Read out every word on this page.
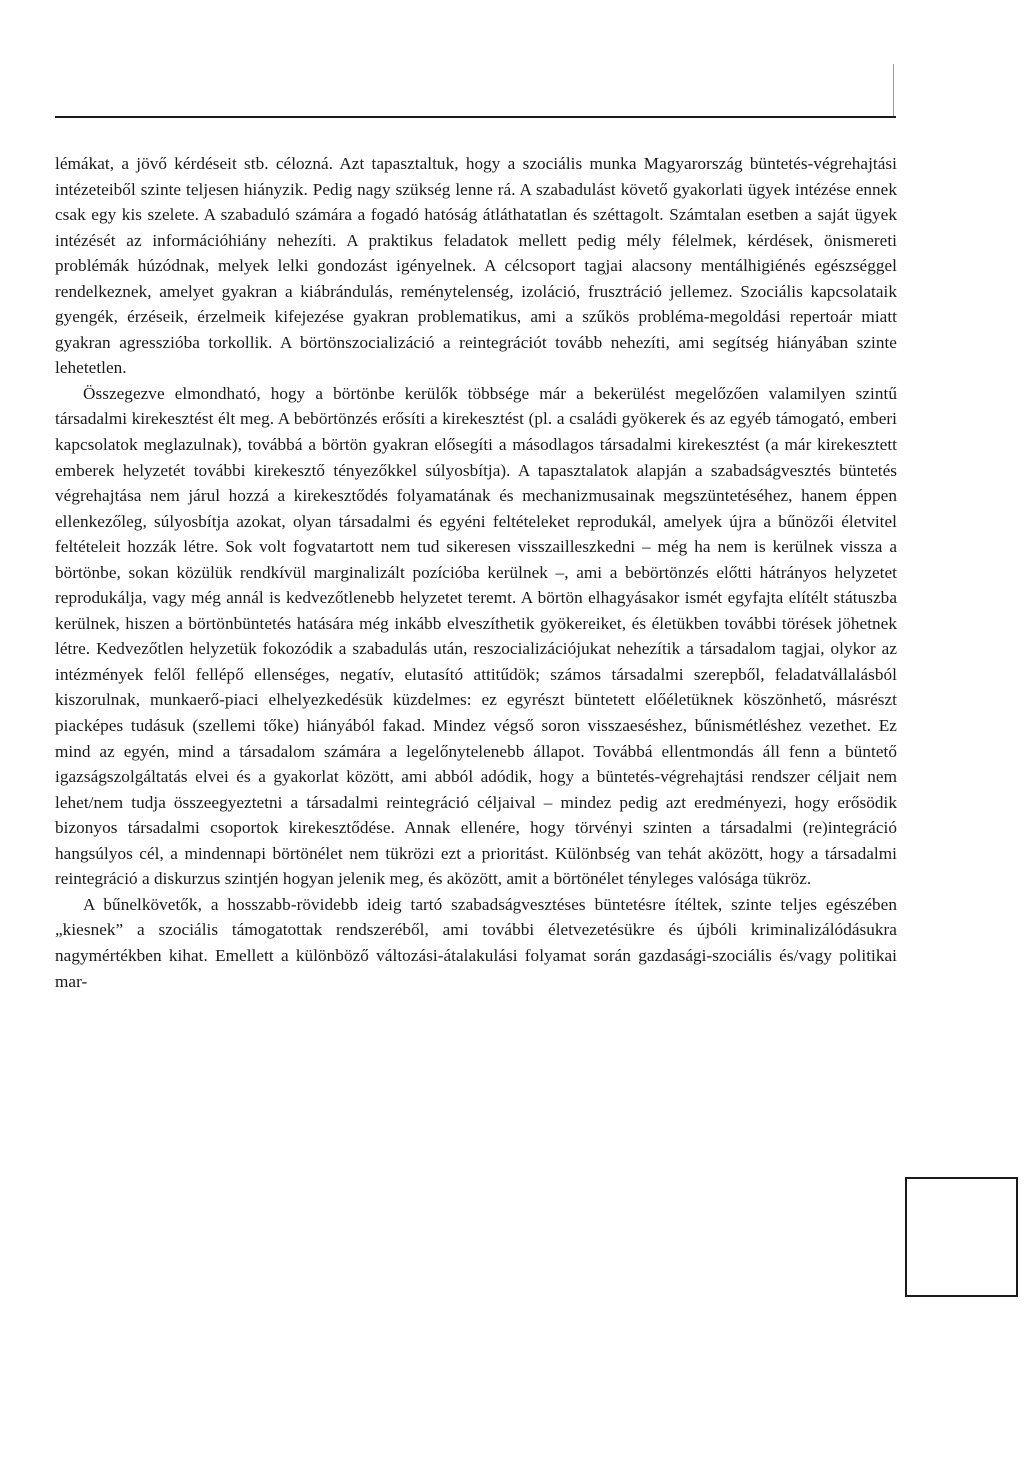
lémákat, a jövő kérdéseit stb. célozná. Azt tapasztaltuk, hogy a szociális munka Magyarország büntetés-végrehajtási intézeteiből szinte teljesen hiányzik. Pedig nagy szükség lenne rá. A szabadulást követő gyakorlati ügyek intézése ennek csak egy kis szelete. A szabaduló számára a fogadó hatóság átláthatatlan és széttagolt. Számtalan esetben a saját ügyek intézését az információhiány nehezíti. A praktikus feladatok mellett pedig mély félelmek, kérdések, önismereti problémák húzódnak, melyek lelki gondozást igényelnek. A célcsoport tagjai alacsony mentálhigiénés egészséggel rendelkeznek, amelyet gyakran a kiábrándulás, reménytelenség, izoláció, frusztráció jellemez. Szociális kapcsolataik gyengék, érzéseik, érzelmeik kifejezése gyakran problematikus, ami a szűkös probléma-megoldási repertoár miatt gyakran agresszióba torkollik. A börtönszocializáció a reintegrációt tovább nehezíti, ami segítség hiányában szinte lehetetlen.

Összegezve elmondható, hogy a börtönbe kerülők többsége már a bekerülést megelőzően valamilyen szintű társadalmi kirekesztést élt meg. A bebörtönzés erősíti a kirekesztést (pl. a családi gyökerek és az egyéb támogató, emberi kapcsolatok meglazulnak), továbbá a börtön gyakran elősegíti a másodlagos társadalmi kirekesztést (a már kirekesztett emberek helyzetét további kirekesztő tényezőkkel súlyosbítja). A tapasztalatok alapján a szabadságvesztés büntetés végrehajtása nem járul hozzá a kirekesztődés folyamatának és mechanizmusainak megszüntetéséhez, hanem éppen ellenkezőleg, súlyosbítja azokat, olyan társadalmi és egyéni feltételeket reprodukál, amelyek újra a bűnözői életvitel feltételeit hozzák létre. Sok volt fogvatartott nem tud sikeresen visszailleszkedni – még ha nem is kerülnek vissza a börtönbe, sokan közülük rendkívül marginalizált pozícióba kerülnek –, ami a bebörtönzés előtti hátrányos helyzetet reprodukálja, vagy még annál is kedvezőtlenebb helyzetet teremt. A börtön elhagyásakor ismét egyfajta elítélt státuszba kerülnek, hiszen a börtönbüntetés hatására még inkább elveszíthetik gyökereiket, és életükben további törések jöhetnek létre. Kedvezőtlen helyzetük fokozódik a szabadulás után, reszocializációjukat nehezítik a társadalom tagjai, olykor az intézmények felől fellépő ellenséges, negatív, elutasító attitűdök; számos társadalmi szerepből, feladatvállalásból kiszorulnak, munkaerő-piaci elhelyezkedésük küzdelmes: ez egyrészt büntetett előéletüknek köszönhető, másrészt piacképes tudásuk (szellemi tőke) hiányából fakad. Mindez végső soron visszaeséshez, bűnismétléshez vezethet. Ez mind az egyén, mind a társadalom számára a legelőnytelenebb állapot. Továbbá ellentmondás áll fenn a büntető igazságszolgáltatás elvei és a gyakorlat között, ami abból adódik, hogy a büntetés-végrehajtási rendszer céljait nem lehet/nem tudja összeegyeztetni a társadalmi reintegráció céljaival – mindez pedig azt eredményezi, hogy erősödik bizonyos társadalmi csoportok kirekesztődése. Annak ellenére, hogy törvényi szinten a társadalmi (re)integráció hangsúlyos cél, a mindennapi börtönélet nem tükrözi ezt a prioritást. Különbség van tehát aközött, hogy a társadalmi reintegráció a diskurzus szintjén hogyan jelenik meg, és aközött, amit a börtönélet tényleges valósága tükröz.

A bűnelkövetők, a hosszabb-rövidebb ideig tartó szabadságvesztéses büntetésre ítéltek, szinte teljes egészében „kiesnek” a szociális támogatottak rendszeréből, ami további életvezetésükre és újbóli kriminalizálódásukra nagymértékben kihat. Emellett a különböző változási-átalakulási folyamat során gazdasági-szociális és/vagy politikai mar-
